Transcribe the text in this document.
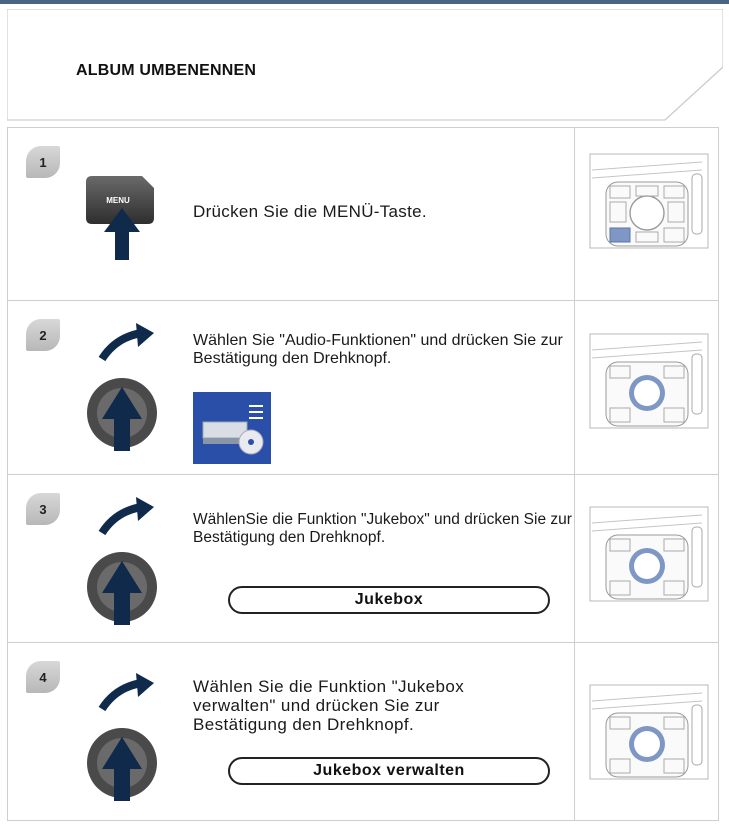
ALBUM UMBENENNEN
1
MENU
Drücken Sie die MENÜ-Taste.
2	Wählen Sie "Audio-Funktionen" und drücken Sie zur Bestätigung den Drehknopf.
3
WählenSie die Funktion "Jukebox" und drücken Sie zur Bestätigung den Drehknopf.
Jukebox
4	Wählen Sie die Funktion "Jukebox verwalten" und drücken Sie zur Bestätigung den Drehknopf.
Jukebox verwalten
